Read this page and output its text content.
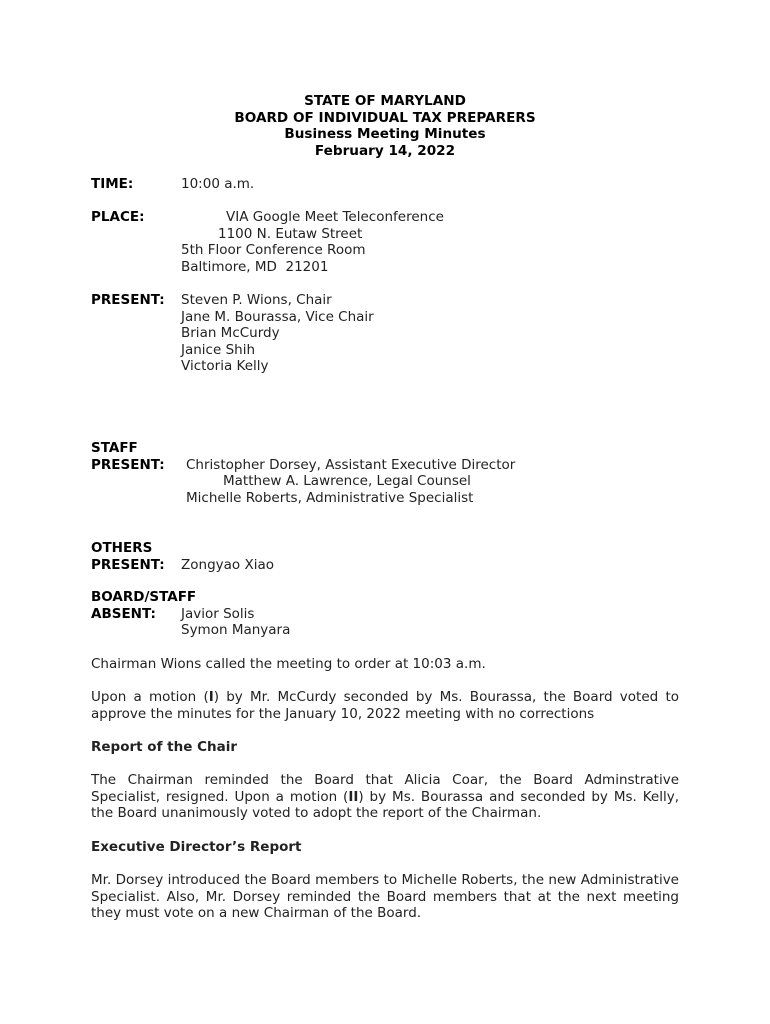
STATE OF MARYLAND
BOARD OF INDIVIDUAL TAX PREPARERS
Business Meeting Minutes
February 14, 2022
TIME:	10:00 a.m.
PLACE:	VIA Google Meet Teleconference
1100 N. Eutaw Street
5th Floor Conference Room
Baltimore, MD  21201
PRESENT: Steven P. Wions, Chair
Jane M. Bourassa, Vice Chair
Brian McCurdy
Janice Shih
Victoria Kelly
STAFF
PRESENT: Christopher Dorsey, Assistant Executive Director
Matthew A. Lawrence, Legal Counsel
Michelle Roberts, Administrative Specialist
OTHERS
PRESENT: Zongyao Xiao
BOARD/STAFF
ABSENT: Javior Solis
Symon Manyara
Chairman Wions called the meeting to order at 10:03 a.m.
Upon a motion (I) by Mr. McCurdy seconded by Ms. Bourassa, the Board voted to approve the minutes for the January 10, 2022 meeting with no corrections
Report of the Chair
The Chairman reminded the Board that Alicia Coar, the Board Adminstrative Specialist, resigned. Upon a motion (II) by Ms. Bourassa and seconded by Ms. Kelly, the Board unanimously voted to adopt the report of the Chairman.
Executive Director’s Report
Mr. Dorsey introduced the Board members to Michelle Roberts, the new Administrative Specialist. Also, Mr. Dorsey reminded the Board members that at the next meeting they must vote on a new Chairman of the Board.
